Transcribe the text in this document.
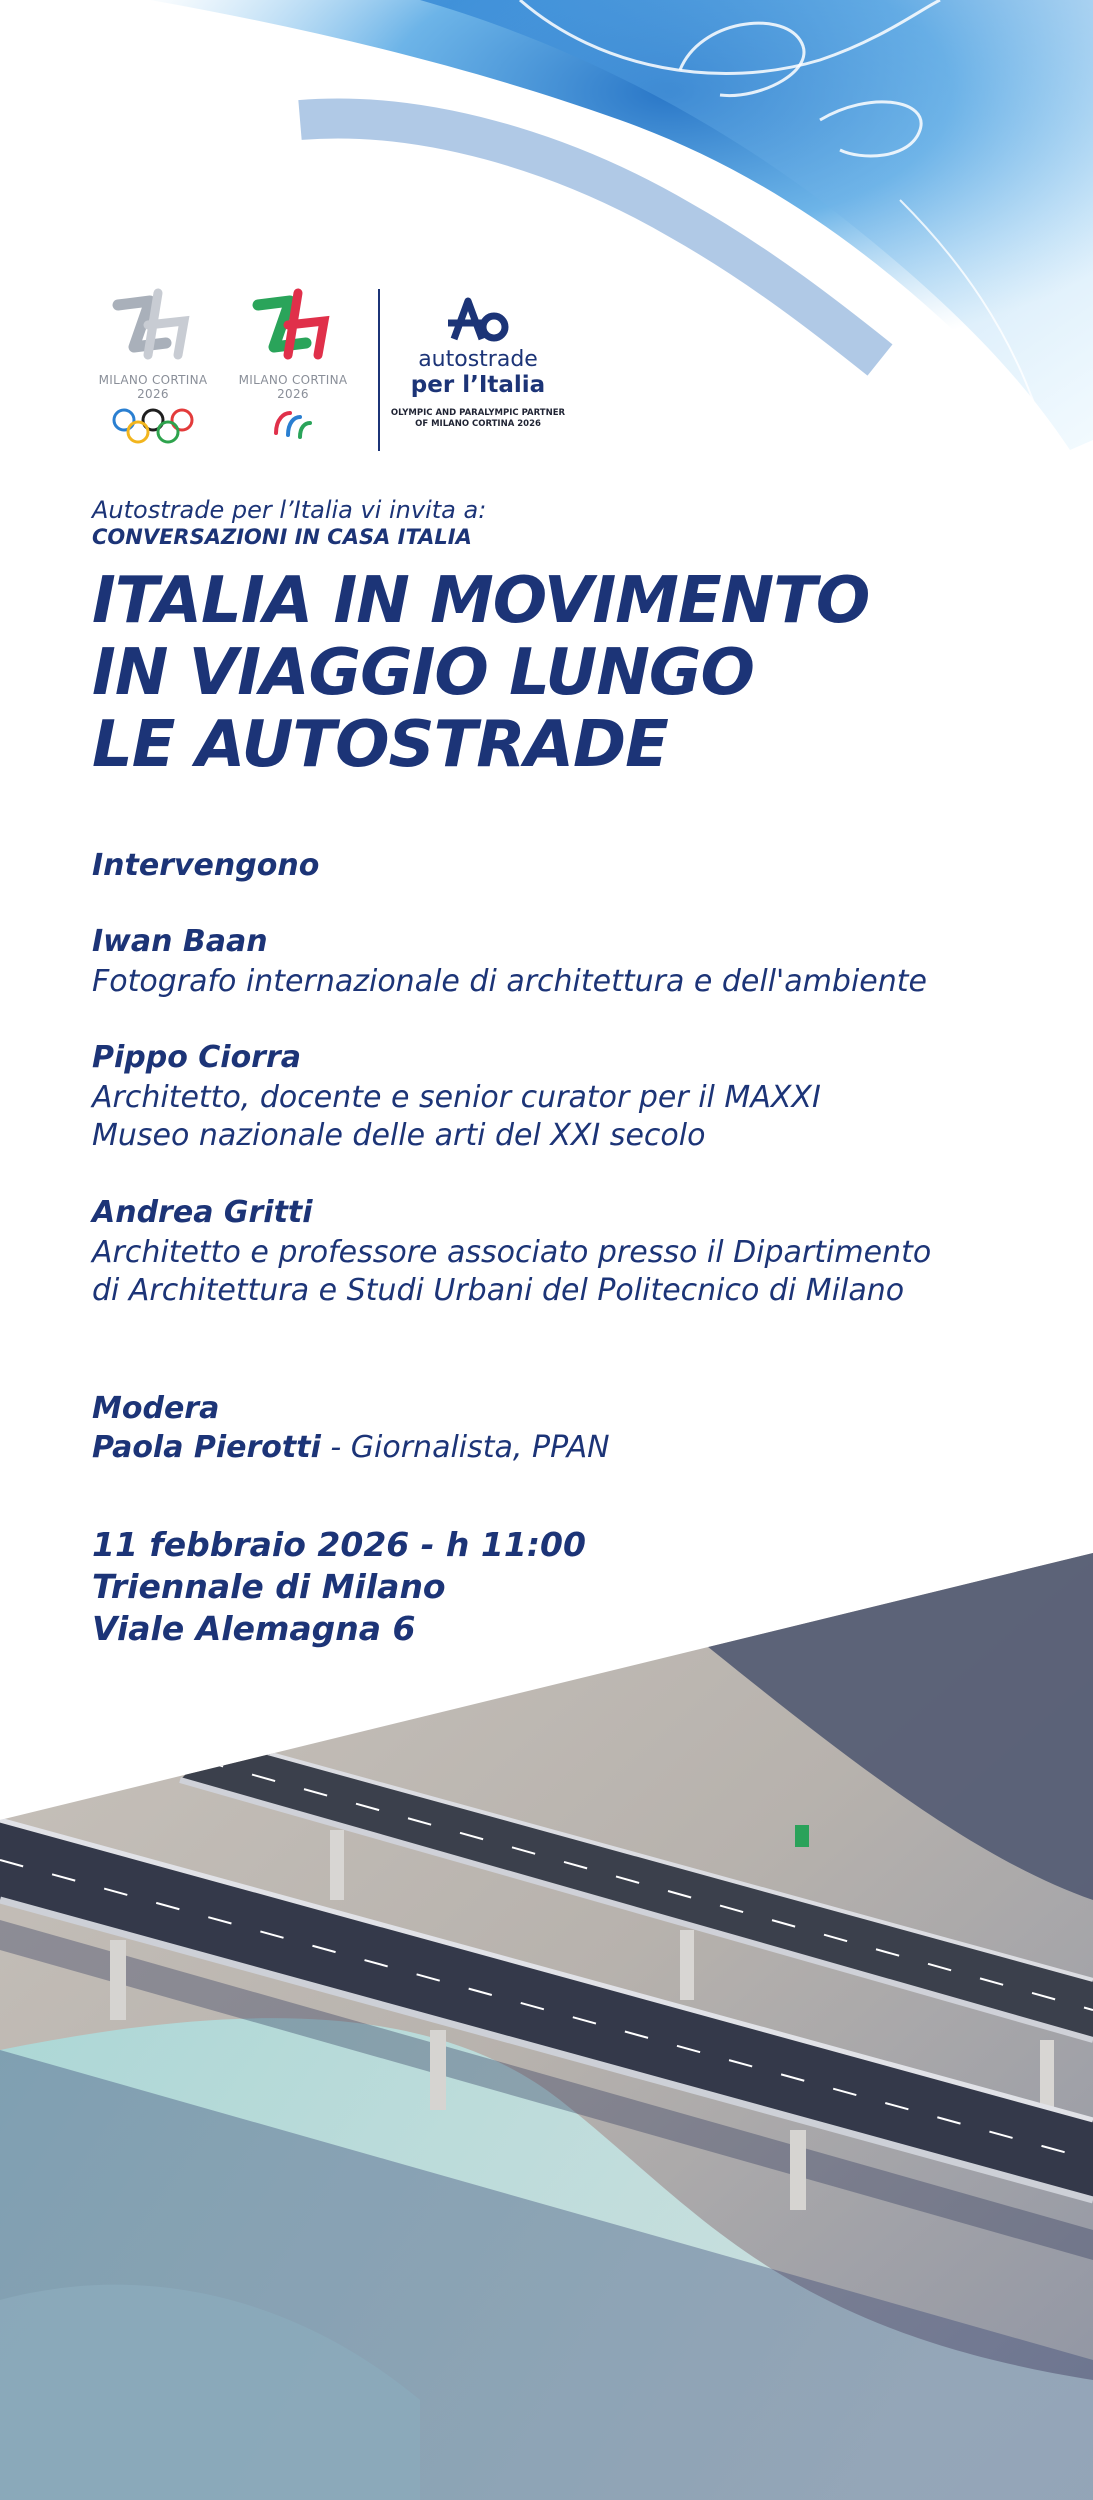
MILANO CORTINA
2026
MILANO CORTINA
2026
autostrade
per l’Italia
OLYMPIC AND PARALYMPIC PARTNER
OF MILANO CORTINA 2026

Autostrade per l’Italia vi invita a:

CONVERSAZIONI IN CASA ITALIA

ITALIA IN MOVIMENTO
IN VIAGGIO LUNGO
LE AUTOSTRADE

Intervengono

Iwan Baan

Fotografo internazionale di architettura e dell'ambiente

Pippo Ciorra

Architetto, docente e senior curator per il MAXXI
Museo nazionale delle arti del XXI secolo

Andrea Gritti

Architetto e professore associato presso il Dipartimento
di Architettura e Studi Urbani del Politecnico di Milano

Modera

Paola Pierotti - Giornalista, PPAN

11 febbraio 2026 - h 11:00
Triennale di Milano
Viale Alemagna 6
